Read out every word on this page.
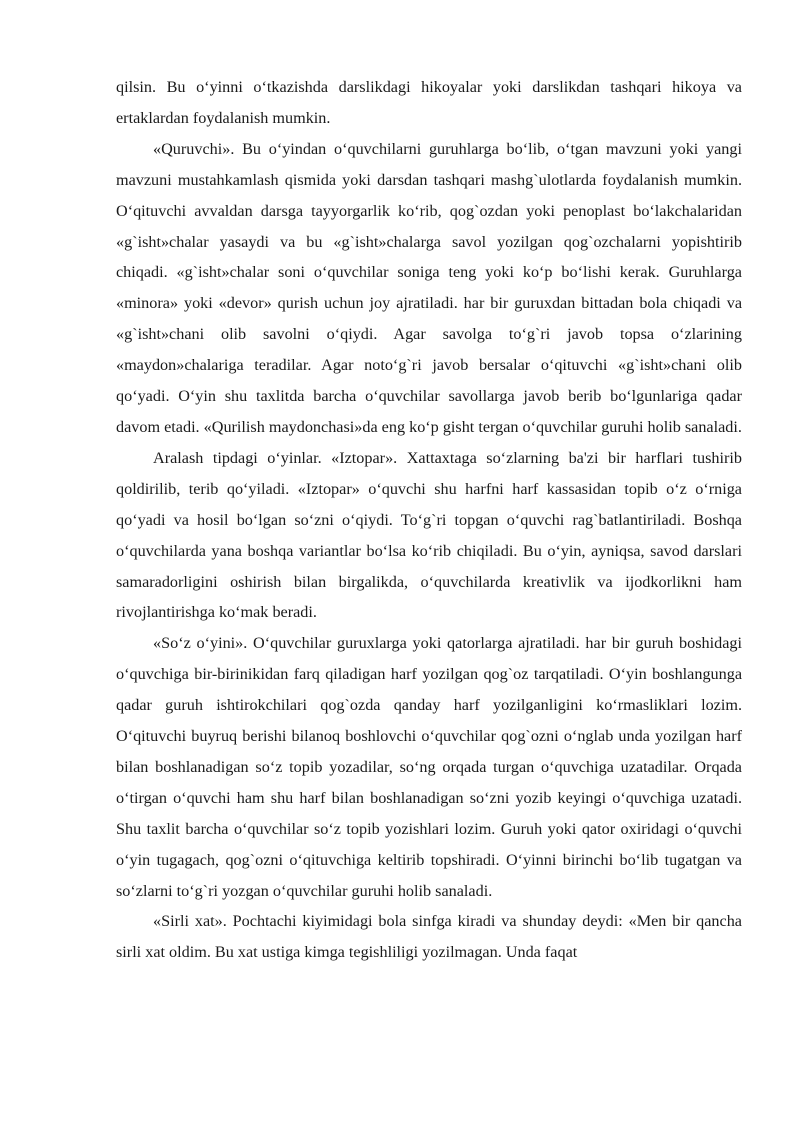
qilsin. Bu o‘yinni o‘tkazishda darslikdagi hikoyalar yoki darslikdan tashqari hikoya va ertaklardan foydalanish mumkin.

«Quruvchi». Bu o‘yindan o‘quvchilarni guruhlarga bo‘lib, o‘tgan mavzuni yoki yangi mavzuni mustahkamlash qismida yoki darsdan tashqari mashg`ulotlarda foydalanish mumkin. O‘qituvchi avvaldan darsga tayyorgarlik ko‘rib, qog`ozdan yoki penoplast bo‘lakchalaridan «g`isht»chalar yasaydi va bu «g`isht»chalarga savol yozilgan qog`ozchalarni yopishtirib chiqadi. «g`isht»chalar soni o‘quvchilar soniga teng yoki ko‘p bo‘lishi kerak. Guruhlarga «minora» yoki «devor» qurish uchun joy ajratiladi. har bir guruxdan bittadan bola chiqadi va «g`isht»chani olib savolni o‘qiydi. Agar savolga to‘g`ri javob topsa o‘zlarining «maydon»chalariga teradilar. Agar noto‘g`ri javob bersalar o‘qituvchi «g`isht»chani olib qo‘yadi. O‘yin shu taxlitda barcha o‘quvchilar savollarga javob berib bo‘lgunlariga qadar davom etadi. «Qurilish maydonchasi»da eng ko‘p gisht tergan o‘quvchilar guruhi holib sanaladi.

Aralash tipdagi o‘yinlar. «Iztopar». Xattaxtaga so‘zlarning ba'zi bir harflari tushirib qoldirilib, terib qo‘yiladi. «Iztopar» o‘quvchi shu harfni harf kassasidan topib o‘z o‘rniga qo‘yadi va hosil bo‘lgan so‘zni o‘qiydi. To‘g`ri topgan o‘quvchi rag`batlantiriladi. Boshqa o‘quvchilarda yana boshqa variantlar bo‘lsa ko‘rib chiqiladi. Bu o‘yin, ayniqsa, savod darslari samaradorligini oshirish bilan birgalikda, o‘quvchilarda kreativlik va ijodkorlikni ham rivojlantirishga ko‘mak beradi.

«So‘z o‘yini». O‘quvchilar guruxlarga yoki qatorlarga ajratiladi. har bir guruh boshidagi o‘quvchiga bir-birinikidan farq qiladigan harf yozilgan qog`oz tarqatiladi. O‘yin boshlangunga qadar guruh ishtirokchilari qog`ozda qanday harf yozilganligini ko‘rmasliklari lozim. O‘qituvchi buyruq berishi bilanoq boshlovchi o‘quvchilar qog`ozni o‘nglab unda yozilgan harf bilan boshlanadigan so‘z topib yozadilar, so‘ng orqada turgan o‘quvchiga uzatadilar. Orqada o‘tirgan o‘quvchi ham shu harf bilan boshlanadigan so‘zni yozib keyingi o‘quvchiga uzatadi. Shu taxlit barcha o‘quvchilar so‘z topib yozishlari lozim. Guruh yoki qator oxiridagi o‘quvchi o‘yin tugagach, qog`ozni o‘qituvchiga keltirib topshiradi. O‘yinni birinchi bo‘lib tugatgan va so‘zlarni to‘g`ri yozgan o‘quvchilar guruhi holib sanaladi.

«Sirli xat». Pochtachi kiyimidagi bola sinfga kiradi va shunday deydi: «Men bir qancha sirli xat oldim. Bu xat ustiga kimga tegishliligi yozilmagan. Unda faqat
